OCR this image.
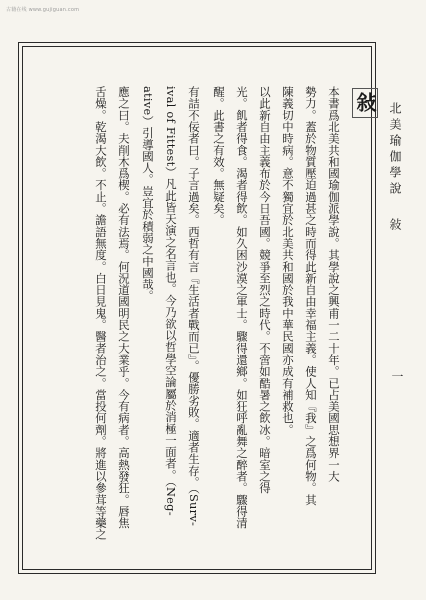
古籍在线 www.gujiguan.com
敍
本書爲北美共和國瑜伽派學說。其學說之興甫一二十年。已占美國思想界一大
勢力。蓋於物質壓迫過甚之時而得此新自由幸福主義。使人知『我』之爲何物。其
陳義切中時病。意不獨宜於北美共和國於我中華民國亦成有補救也。
以此新自由主義布於今日吾國。競爭至烈之時代。不啻如酷暑之飲冰。暗室之得
光。飢者得食。渴者得飲。如久困沙漠之軍士。驟得還鄉。如狂呼亂舞之醉者。驟得清
醒。此書之有效。無疑矣。
有詰不佞者曰。子言過矣。西哲有言『生活者戰而已』。優勝劣敗。適者生存。（Surv-
ival of Fittest）凡此皆天演之名言也。今乃欲以哲學空論屬於消極一面者。（Neg-
ative）引導國人。豈宜於積弱之中國哉。
應之曰。夫削木爲楔。必有法焉。何況道國明民之大業乎。今有病者。高熱發狂。唇焦
舌燥。乾渴大飲。不止。譫語無度。白日見鬼。醫者治之。當投何劑。將進以參茸等藥之	北美瑜伽學說敍
一
